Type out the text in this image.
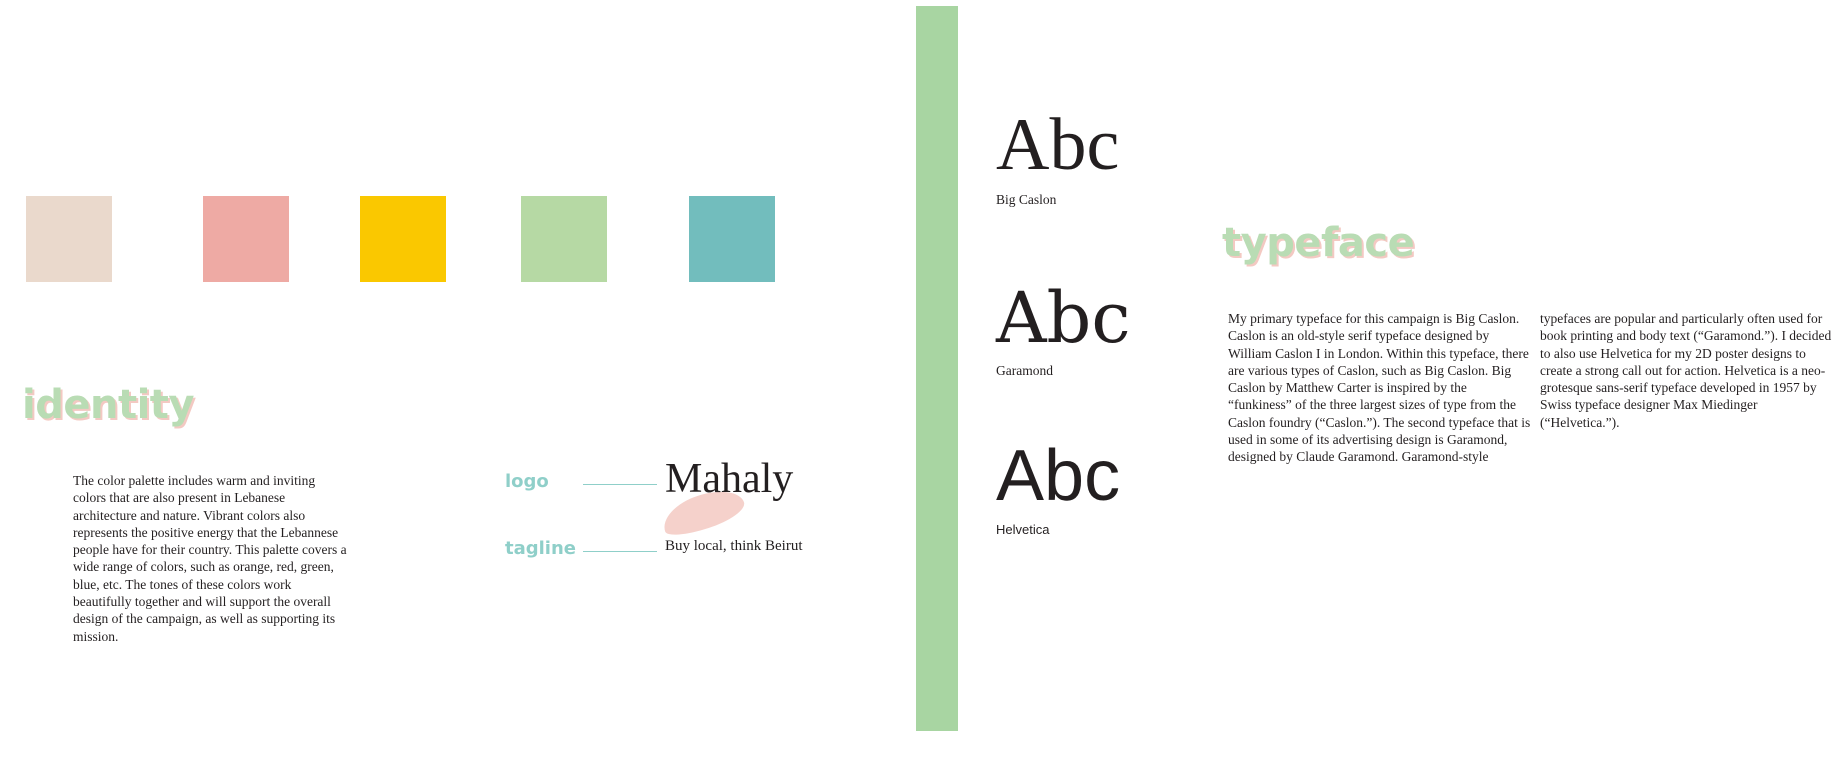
identity
The color palette includes warm and inviting colors that are also present in Lebanese architecture and nature. Vibrant colors also represents the positive energy that the Lebannese people have for their country. This palette covers a wide range of colors, such as orange, red, green, blue, etc. The tones of these colors work beautifully together and will support the overall design of the campaign, as well as supporting its mission.
logo	Mahaly
tagline	Buy local, think Beirut
Abc
Big Caslon
Abc
Garamond
Abc
Helvetica
typeface
My primary typeface for this campaign is Big Caslon. Caslon is an old-style serif typeface designed by William Caslon I in London. Within this typeface, there are various types of Caslon, such as Big Caslon. Big Caslon by Matthew Carter is inspired by the “funkiness” of the three largest sizes of type from the Caslon foundry (“Caslon.”). The second typeface that is used in some of its advertising design is Garamond, designed by Claude Garamond. Garamond-style
typefaces are popular and particularly often used for book printing and body text (“Garamond.”). I decided to also use Helvetica for my 2D poster designs to create a strong call out for action. Helvetica is a neo-grotesque sans-serif typeface developed in 1957 by Swiss typeface designer Max Miedinger (“Helvetica.”).
